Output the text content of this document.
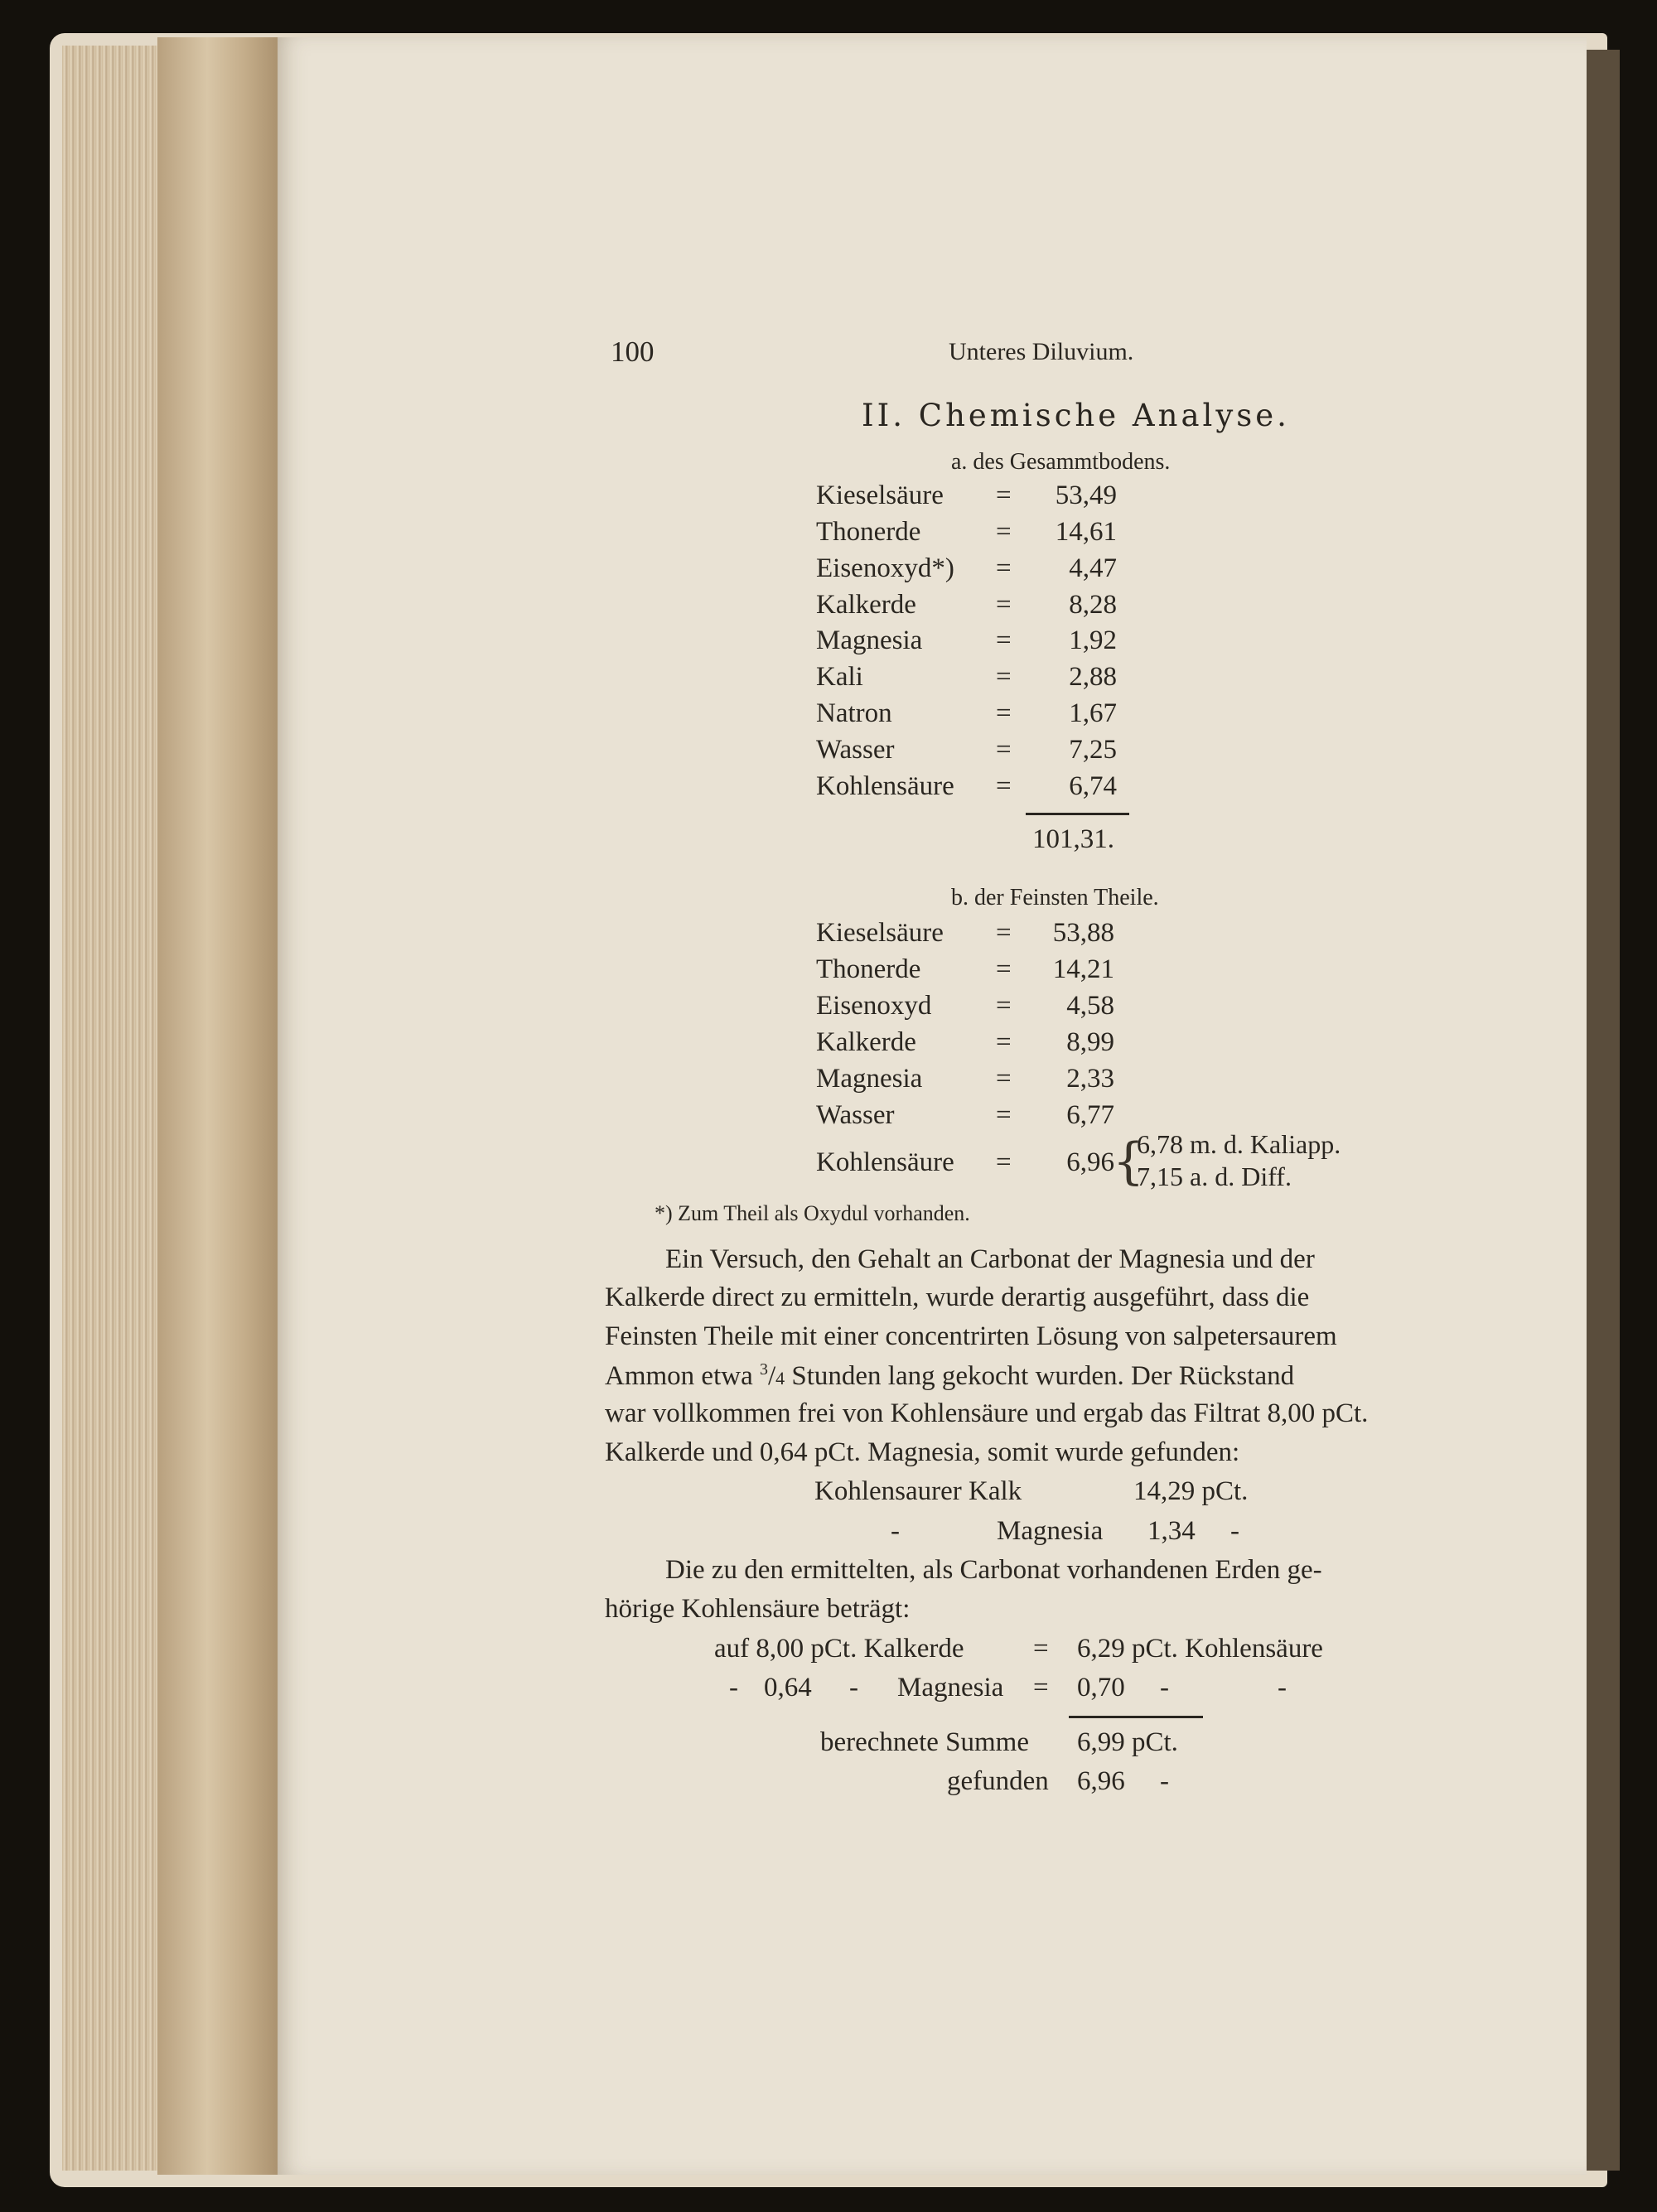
100	Unteres Diluvium.
II. Chemische Analyse.
a. des Gesammtbodens.
Kieselsäure =	53,49
Thonerde	=	14,61
Eisenoxyd*) =	4,47
Kalkerde	=	8,28
Magnesia	=	1,92
Kali	=	2,88
Natron	=	1,67
Wasser	=	7,25
Kohlensäure =	6,74
101,31.
b. der Feinsten Theile.
Kieselsäure =	53,88
Thonerde	=	14,21
Eisenoxyd =	4,58
Kalkerde	=	8,99
Magnesia	=	2,33
Wasser	=	6,77
Kohlensäure =	6,96
{
6,78 m. d. Kaliapp.
7,15 a. d. Diff.
*) Zum Theil als Oxydul vorhanden.
Ein Versuch, den Gehalt an Carbonat der Magnesia und der
Kalkerde direct zu ermitteln, wurde derartig ausgeführt, dass die
Feinsten Theile mit einer concentrirten Lösung von salpetersaurem
Ammon etwa $^3$/4 Stunden lang gekocht wurden. Der Rückstand
war vollkommen frei von Kohlensäure und ergab das Filtrat 8,00 pCt.
Kalkerde und 0,64 pCt. Magnesia, somit wurde gefunden:
Kohlensaurer Kalk	14,29 pCt.
-	Magnesia 1,34 -
Die zu den ermittelten, als Carbonat vorhandenen Erden ge-
hörige Kohlensäure beträgt:
auf 8,00 pCt. Kalkerde	= 6,29 pCt. Kohlensäure
- 0,64 - Magnesia = 0,70 -	-
berechnete Summe 6,99 pCt.
gefunden 6,96 -
